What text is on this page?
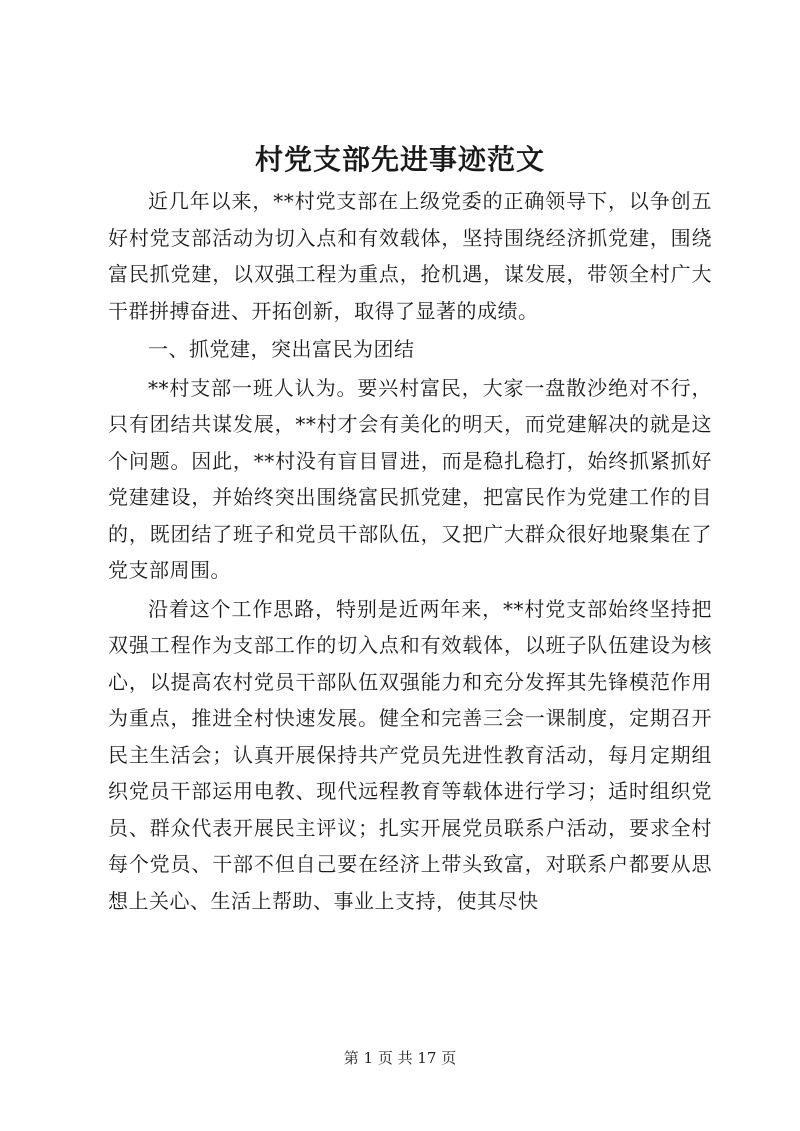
村党支部先进事迹范文

近几年以来，**村党支部在上级党委的正确领导下，以争创五好村党支部活动为切入点和有效载体，坚持围绕经济抓党建，围绕富民抓党建，以双强工程为重点，抢机遇，谋发展，带领全村广大干群拼搏奋进、开拓创新，取得了显著的成绩。

一、抓党建，突出富民为团结

**村支部一班人认为。要兴村富民，大家一盘散沙绝对不行，只有团结共谋发展，**村才会有美化的明天，而党建解决的就是这个问题。因此，**村没有盲目冒进，而是稳扎稳打，始终抓紧抓好党建建设，并始终突出围绕富民抓党建，把富民作为党建工作的目的，既团结了班子和党员干部队伍，又把广大群众很好地聚集在了党支部周围。

沿着这个工作思路，特别是近两年来，**村党支部始终坚持把双强工程作为支部工作的切入点和有效载体，以班子队伍建设为核心，以提高农村党员干部队伍双强能力和充分发挥其先锋模范作用为重点，推进全村快速发展。健全和完善三会一课制度，定期召开民主生活会；认真开展保持共产党员先进性教育活动，每月定期组织党员干部运用电教、现代远程教育等载体进行学习；适时组织党员、群众代表开展民主评议；扎实开展党员联系户活动，要求全村每个党员、干部不但自己要在经济上带头致富，对联系户都要从思想上关心、生活上帮助、事业上支持，使其尽快

第 1 页 共 17 页
